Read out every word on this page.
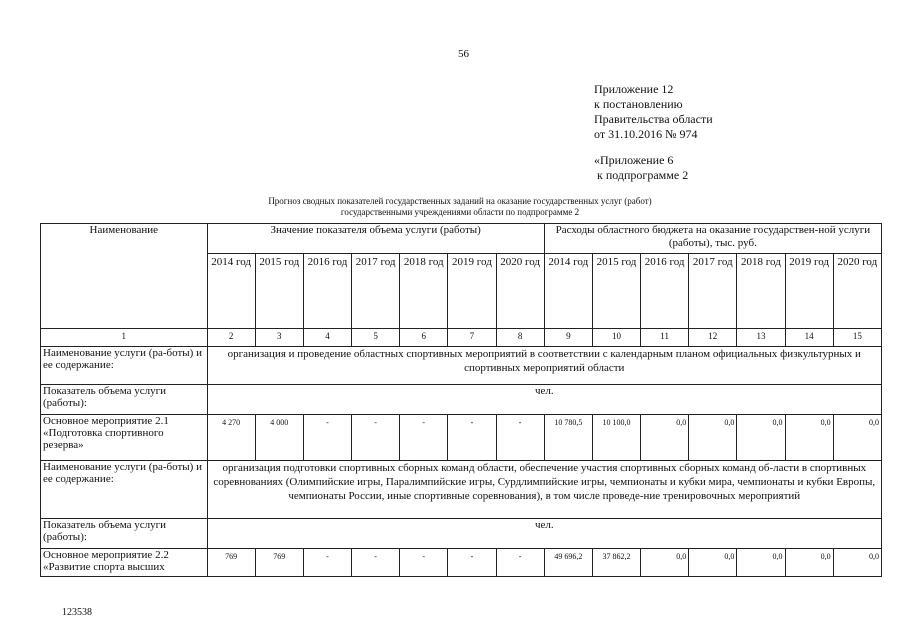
56
Приложение 12
к постановлению
Правительства области
от 31.10.2016 № 974
«Приложение 6
к подпрограмме 2
Прогноз сводных показателей государственных заданий на оказание государственных услуг (работ)
государственными учреждениями области по подпрограмме 2
Наименование	Значение показателя объема услуги (работы)							Расходы областного бюджета на оказание государствен-ной услуги (работы), тыс. руб.						
	2014 год	2015 год	2016 год	2017 год	2018 год	2019 год	2020 год	2014 год	2015 год	2016 год	2017 год	2018 год	2019 год	2020 год
1	2	3	4	5	6	7	8	9	10	11	12	13	14	15
Наименование услуги (ра-боты) и ее содержание:	организация и проведение областных спортивных мероприятий в соответствии с календарным планом официальных физкультурных и спортивных мероприятий области													
Показатель объема услуги (работы):	чел.													
Основное мероприятие 2.1 «Подготовка спортивного резерва»	4 270	4 000	-	-	-	-	-	10 780,5	10 100,0	0,0	0,0	0,0	0,0	0,0
Наименование услуги (ра-боты) и ее содержание:	организация подготовки спортивных сборных команд области, обеспечение участия спортивных сборных команд об-ласти в спортивных соревнованиях (Олимпийские игры, Паралимпийские игры, Сурдлимпийские игры, чемпионаты и кубки мира, чемпионаты и кубки Европы, чемпионаты России, иные спортивные соревнования), в том числе проведе-ние тренировочных мероприятий													
Показатель объема услуги (работы):	чел.													
Основное мероприятие 2.2 «Развитие спорта высших	769	769	-	-	-	-	-	49 696,2	37 862,2	0,0	0,0	0,0	0,0	0,0
123538
